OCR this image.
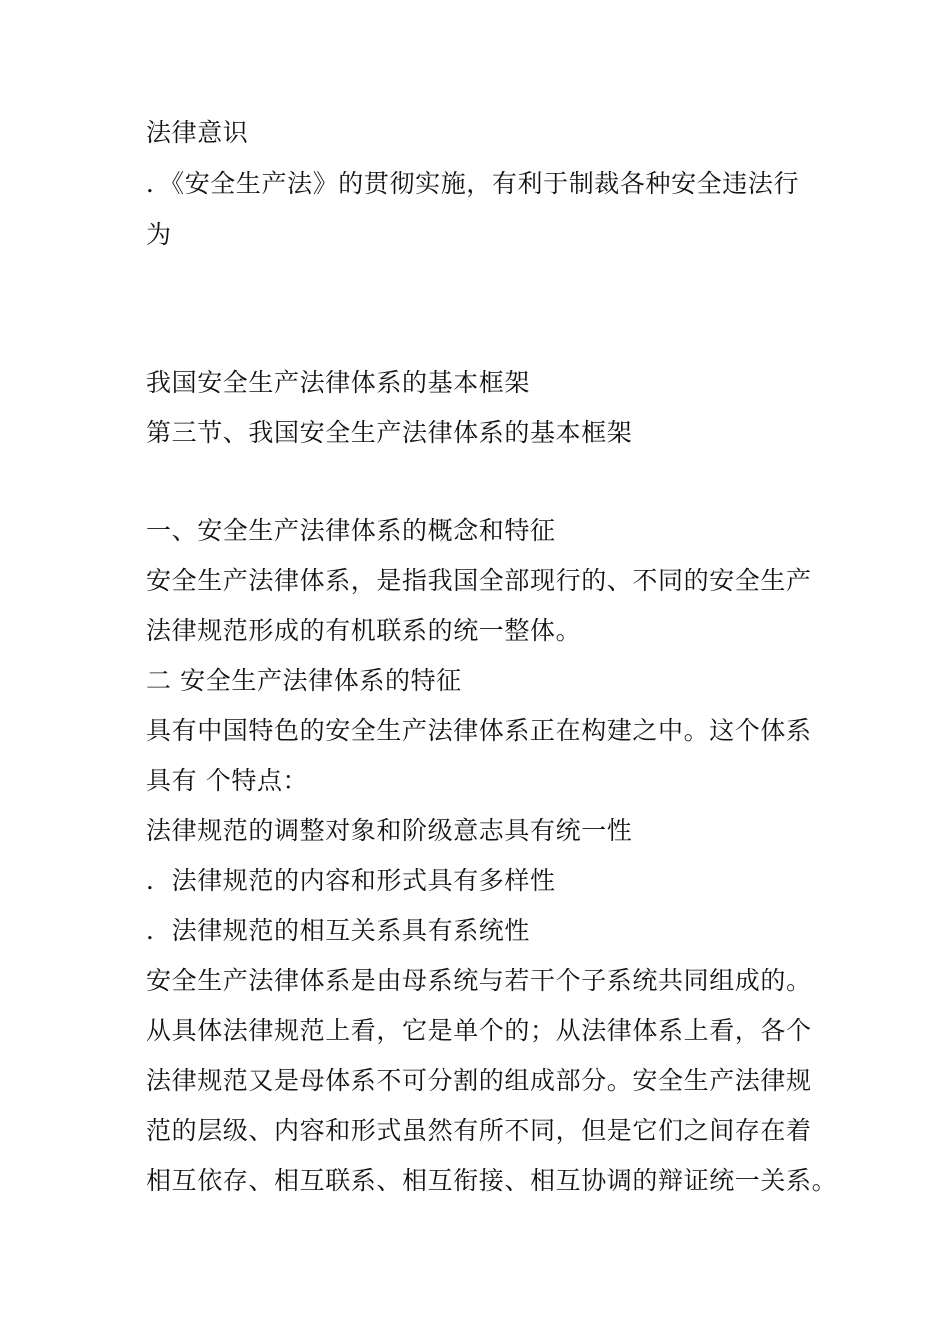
法律意识
．《安全生产法》的贯彻实施，有利于制裁各种安全违法行
为
我国安全生产法律体系的基本框架
第三节、我国安全生产法律体系的基本框架
一、安全生产法律体系的概念和特征
安全生产法律体系，是指我国全部现行的、不同的安全生产
法律规范形成的有机联系的统一整体。
二 安全生产法律体系的特征
具有中国特色的安全生产法律体系正在构建之中。这个体系
具有 个特点：
法律规范的调整对象和阶级意志具有统一性
．法律规范的内容和形式具有多样性
．法律规范的相互关系具有系统性
安全生产法律体系是由母系统与若干个子系统共同组成的。
从具体法律规范上看，它是单个的；从法律体系上看，各个
法律规范又是母体系不可分割的组成部分。安全生产法律规
范的层级、内容和形式虽然有所不同，但是它们之间存在着
相互依存、相互联系、相互衔接、相互协调的辩证统一关系。
